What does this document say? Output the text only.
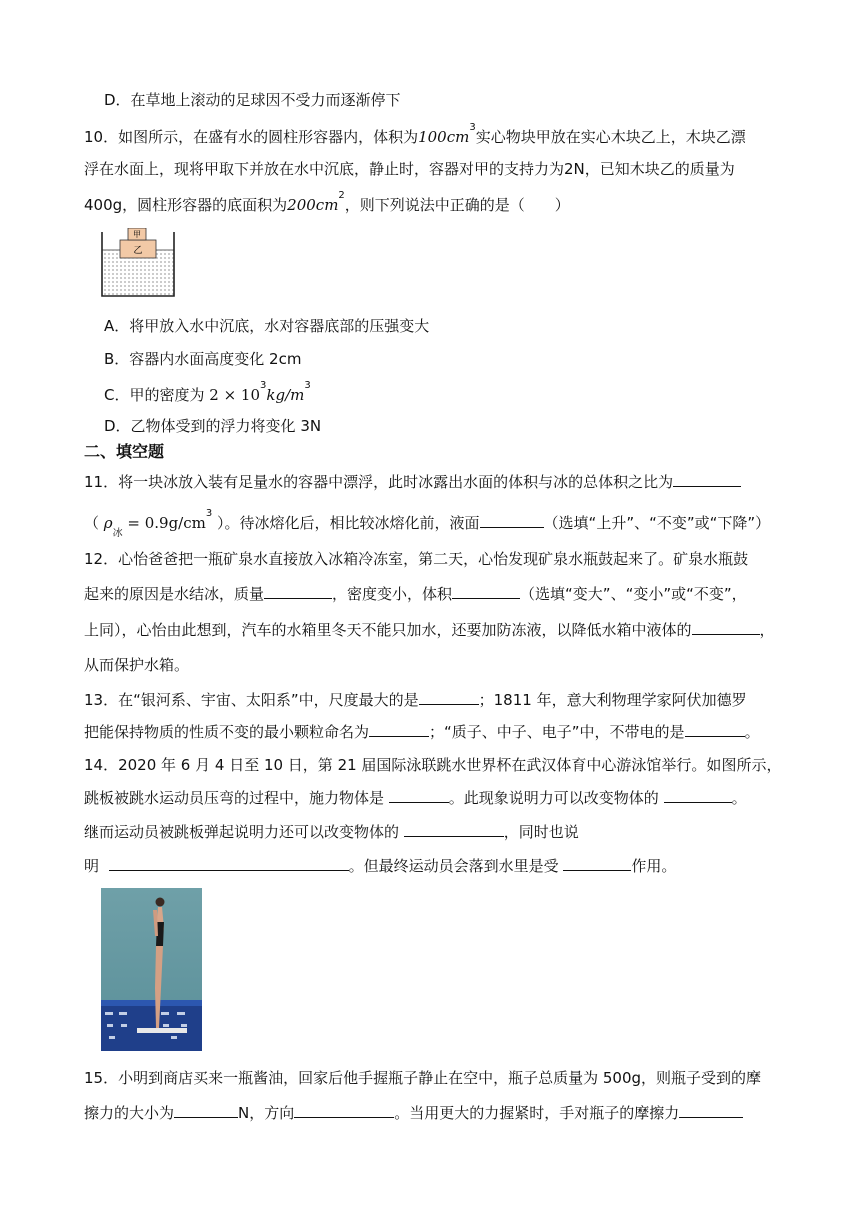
D．在草地上滚动的足球因不受力而逐渐停下
10．如图所示，在盛有水的圆柱形容器内，体积为$100cm^3$实心物块甲放在实心木块乙上，木块乙漂
浮在水面上，现将甲取下并放在水中沉底，静止时，容器对甲的支持力为2N，已知木块乙的质量为
400g，圆柱形容器的底面积为$200cm^2$，则下列说法中正确的是（　　）
甲
乙
A．将甲放入水中沉底，水对容器底部的压强变大
B．容器内水面高度变化 2cm
C．甲的密度为 $2 \times 10^3kg/m^3$
D．乙物体受到的浮力将变化 3N
二、填空题
11．将一块冰放入装有足量水的容器中漂浮，此时冰露出水面的体积与冰的总体积之比为
（ $\rho_冰 = 0.9g/cm^3$ ）。待冰熔化后，相比较冰熔化前，液面	（选填“上升”、“不变”或“下降”）
12．心怡爸爸把一瓶矿泉水直接放入冰箱冷冻室，第二天，心怡发现矿泉水瓶鼓起来了。矿泉水瓶鼓
起来的原因是水结冰，质量	，密度变小，体积	（选填“变大”、“变小”或“不变”，
上同），心怡由此想到，汽车的水箱里冬天不能只加水，还要加防冻液，以降低水箱中液体的	，
从而保护水箱。
13．在“银河系、宇宙、太阳系”中，尺度最大的是	；1811 年，意大利物理学家阿伏加德罗
把能保持物质的性质不变的最小颗粒命名为	；“质子、中子、电子”中，不带电的是	。
14．2020 年 6 月 4 日至 10 日，第 21 届国际泳联跳水世界杯在武汉体育中心游泳馆举行。如图所示，
跳板被跳水运动员压弯的过程中，施力物体是	。此现象说明力可以改变物体的	。
继而运动员被跳板弹起说明力还可以改变物体的	，同时也说
明	。但最终运动员会落到水里是受	作用。
15．小明到商店买来一瓶酱油，回家后他手握瓶子静止在空中，瓶子总质量为 500g，则瓶子受到的摩
擦力的大小为	N，方向	。当用更大的力握紧时，手对瓶子的摩擦力
